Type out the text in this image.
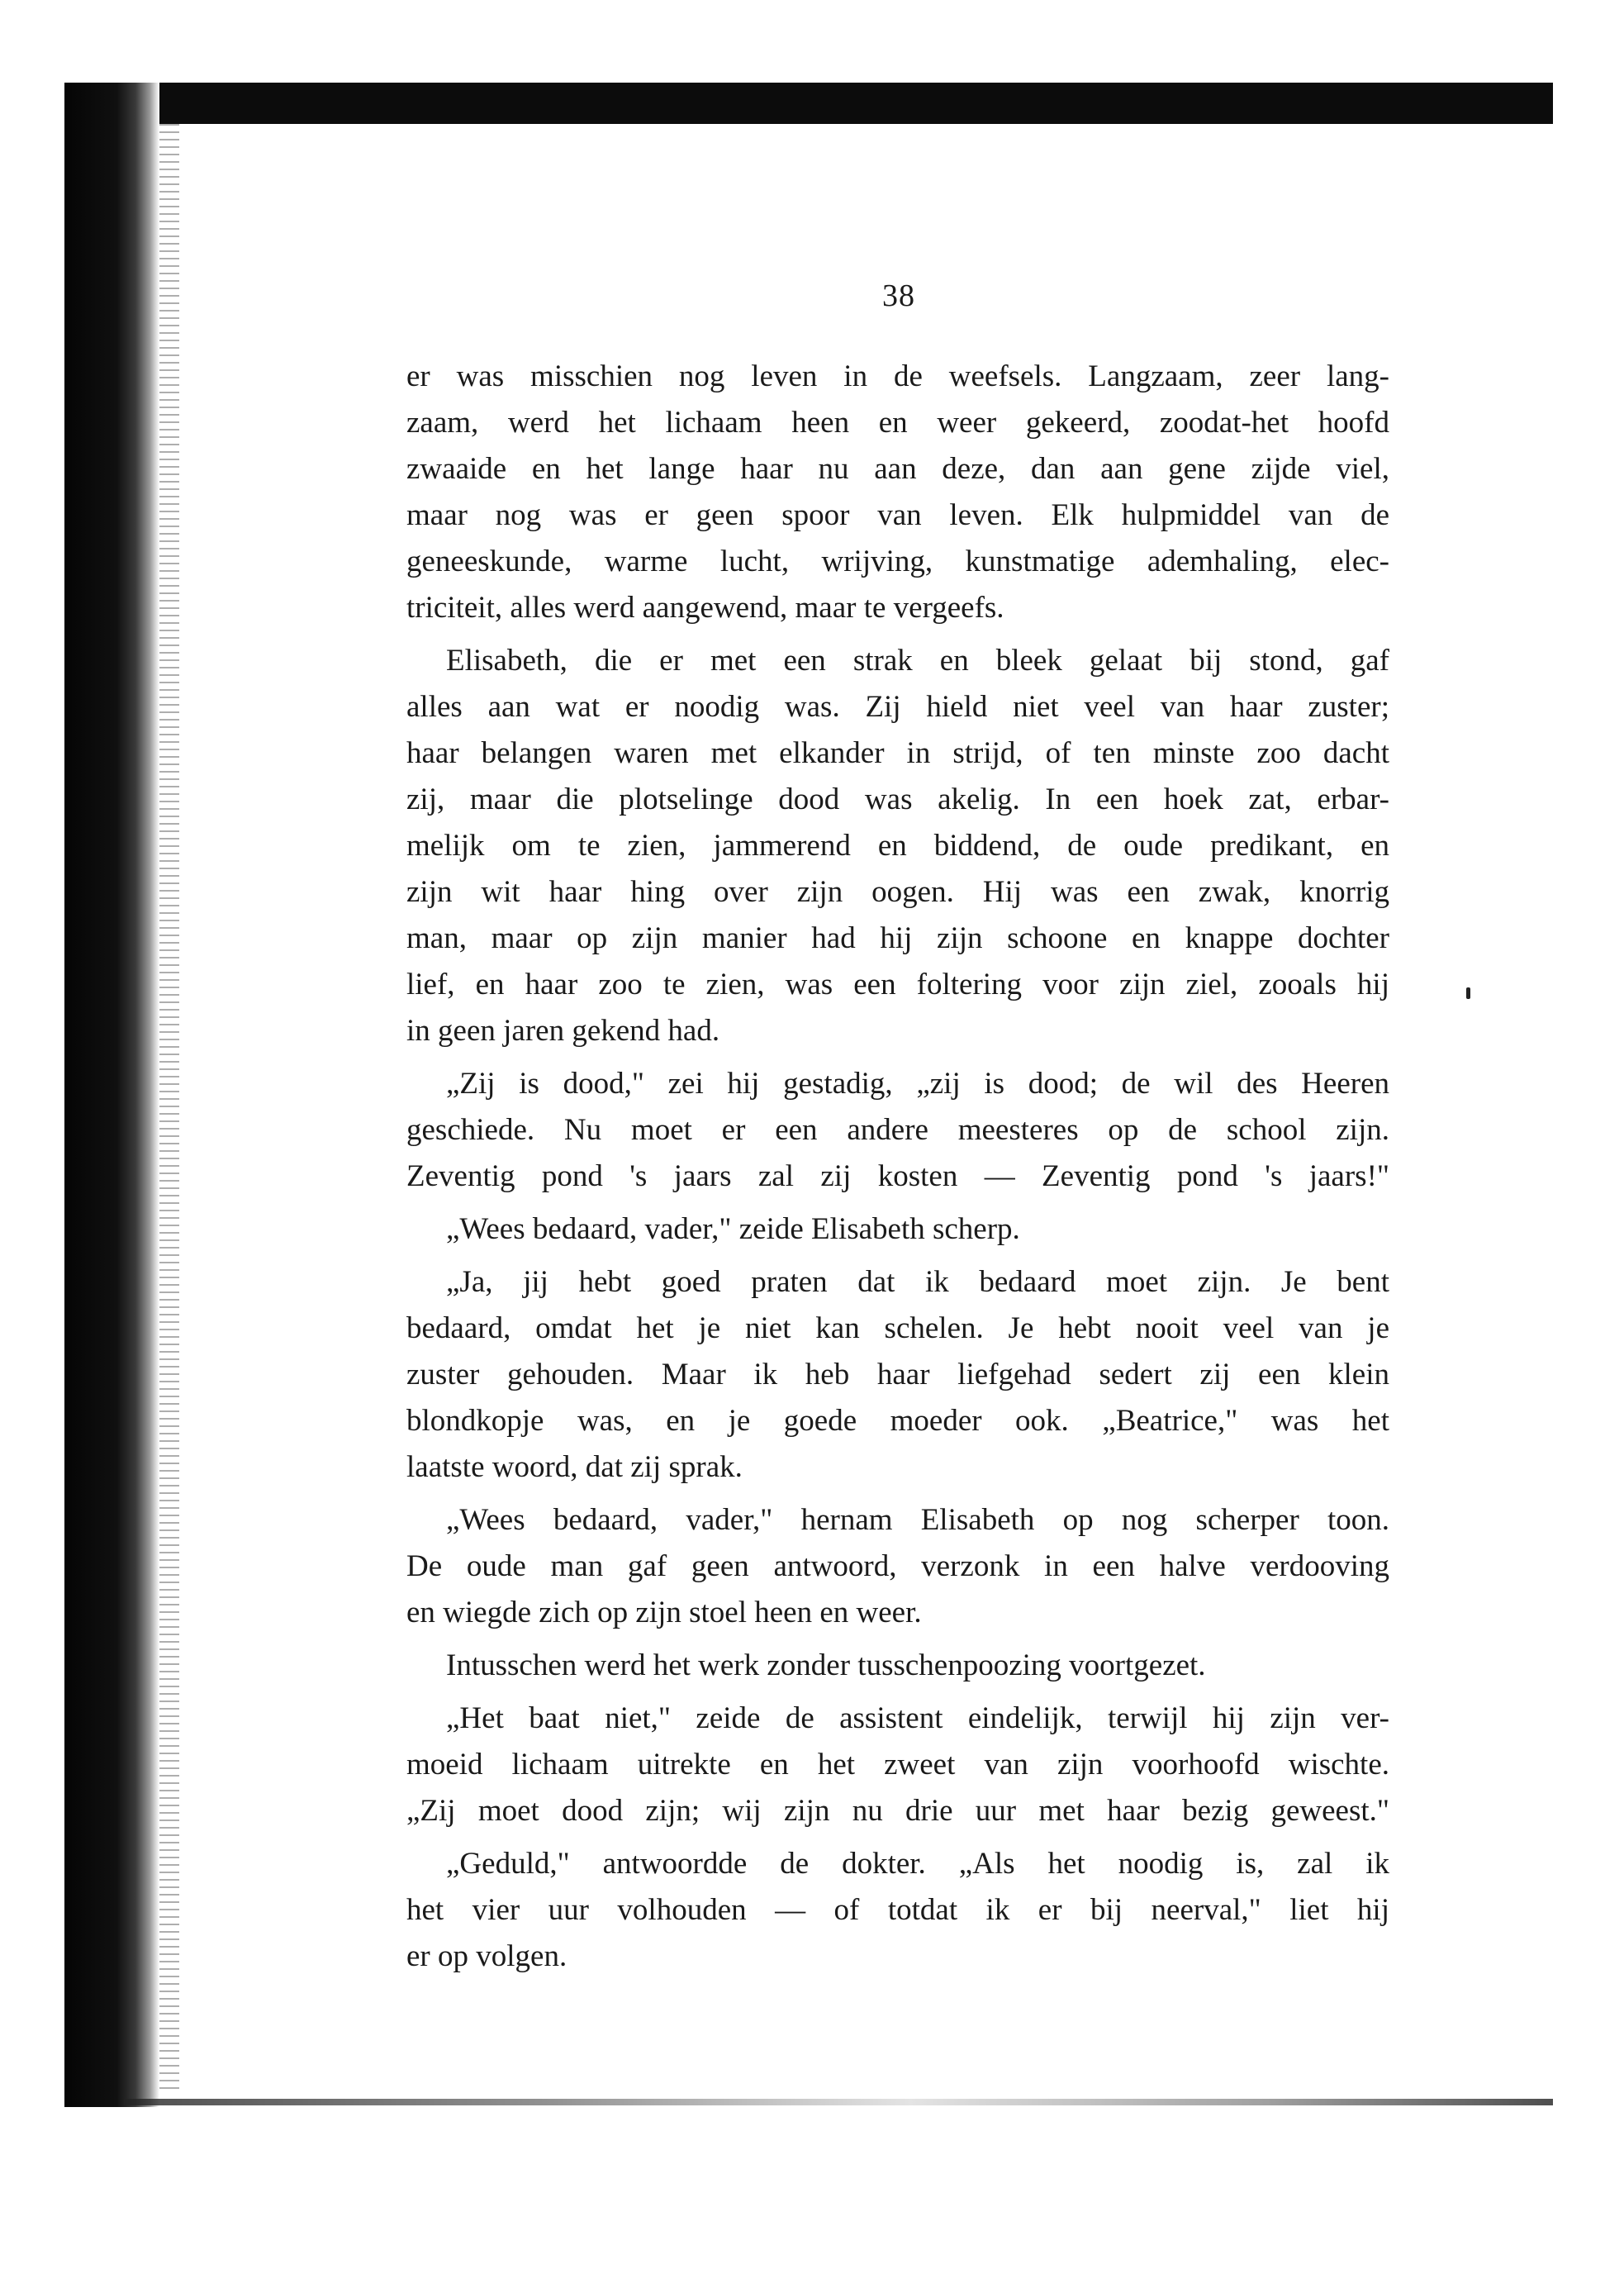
38
er was misschien nog leven in de weefsels. Langzaam, zeer lang-
zaam, werd het lichaam heen en weer gekeerd, zoodat-het hoofd
zwaaide en het lange haar nu aan deze, dan aan gene zijde viel,
maar nog was er geen spoor van leven. Elk hulpmiddel van de
geneeskunde, warme lucht, wrijving, kunstmatige ademhaling, elec-
triciteit, alles werd aangewend, maar te vergeefs.
Elisabeth, die er met een strak en bleek gelaat bij stond, gaf
alles aan wat er noodig was. Zij hield niet veel van haar zuster;
haar belangen waren met elkander in strijd, of ten minste zoo dacht
zij, maar die plotselinge dood was akelig. In een hoek zat, erbar-
melijk om te zien, jammerend en biddend, de oude predikant, en
zijn wit haar hing over zijn oogen. Hij was een zwak, knorrig
man, maar op zijn manier had hij zijn schoone en knappe dochter
lief, en haar zoo te zien, was een foltering voor zijn ziel, zooals hij
in geen jaren gekend had.
„Zij is dood," zei hij gestadig, „zij is dood; de wil des Heeren
geschiede. Nu moet er een andere meesteres op de school zijn.
Zeventig pond 's jaars zal zij kosten — Zeventig pond 's jaars!"
„Wees bedaard, vader," zeide Elisabeth scherp.
„Ja, jij hebt goed praten dat ik bedaard moet zijn. Je bent
bedaard, omdat het je niet kan schelen. Je hebt nooit veel van je
zuster gehouden. Maar ik heb haar liefgehad sedert zij een klein
blondkopje was, en je goede moeder ook. „Beatrice," was het
laatste woord, dat zij sprak.
„Wees bedaard, vader," hernam Elisabeth op nog scherper toon.
De oude man gaf geen antwoord, verzonk in een halve verdooving
en wiegde zich op zijn stoel heen en weer.
Intusschen werd het werk zonder tusschenpoozing voortgezet.
„Het baat niet," zeide de assistent eindelijk, terwijl hij zijn ver-
moeid lichaam uitrekte en het zweet van zijn voorhoofd wischte.
„Zij moet dood zijn; wij zijn nu drie uur met haar bezig geweest."
„Geduld," antwoordde de dokter. „Als het noodig is, zal ik
het vier uur volhouden — of totdat ik er bij neerval," liet hij
er op volgen.
